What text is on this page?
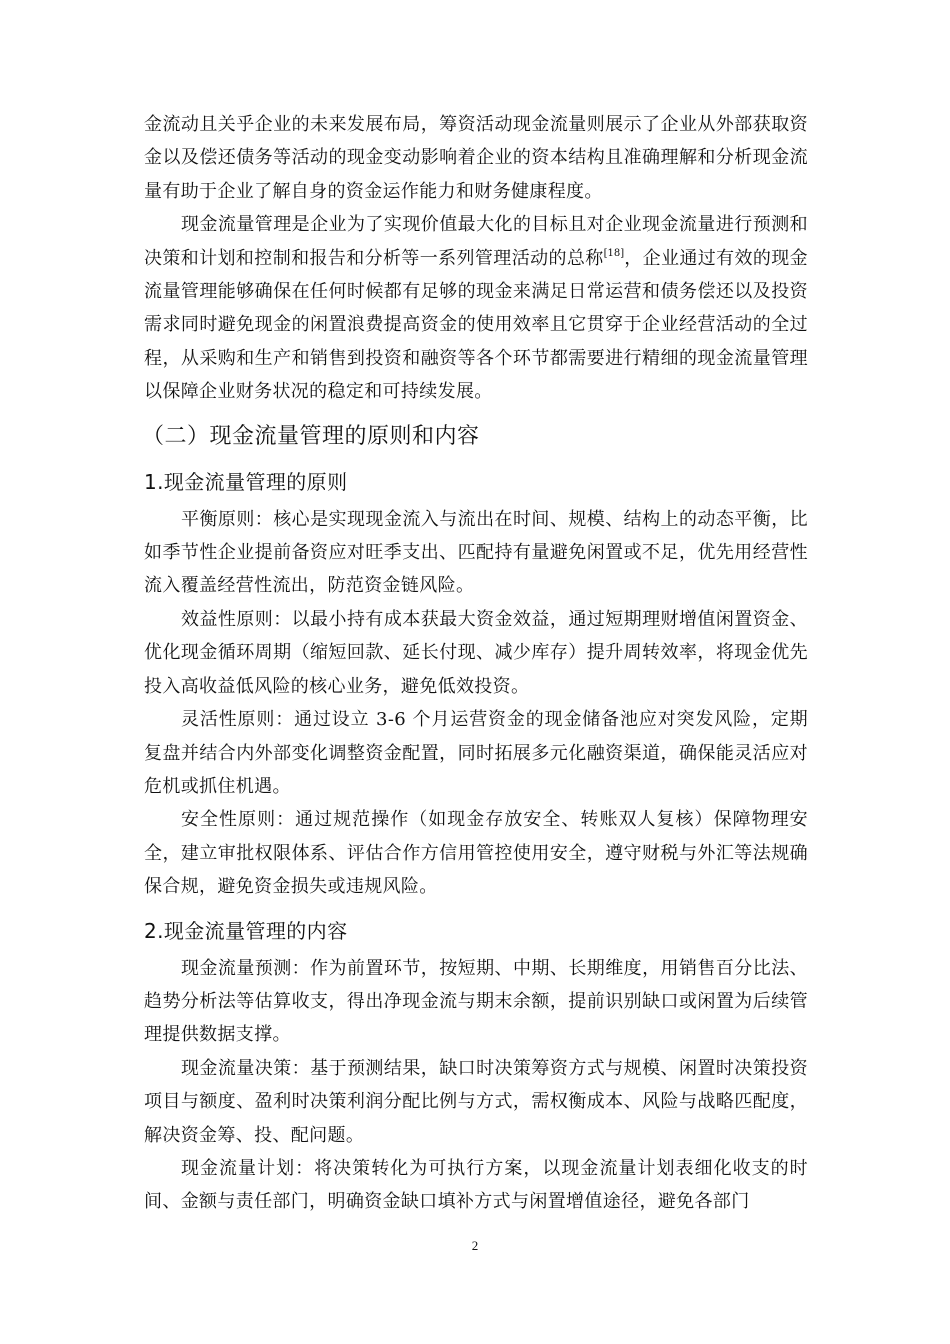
金流动且关乎企业的未来发展布局，筹资活动现金流量则展示了企业从外部获取资金以及偿还债务等活动的现金变动影响着企业的资本结构且准确理解和分析现金流量有助于企业了解自身的资金运作能力和财务健康程度。

现金流量管理是企业为了实现价值最大化的目标且对企业现金流量进行预测和决策和计划和控制和报告和分析等一系列管理活动的总称[18]，企业通过有效的现金流量管理能够确保在任何时候都有足够的现金来满足日常运营和债务偿还以及投资需求同时避免现金的闲置浪费提高资金的使用效率且它贯穿于企业经营活动的全过程，从采购和生产和销售到投资和融资等各个环节都需要进行精细的现金流量管理以保障企业财务状况的稳定和可持续发展。

（二）现金流量管理的原则和内容
1.现金流量管理的原则

平衡原则：核心是实现现金流入与流出在时间、规模、结构上的动态平衡，比如季节性企业提前备资应对旺季支出、匹配持有量避免闲置或不足，优先用经营性流入覆盖经营性流出，防范资金链风险。

效益性原则：以最小持有成本获最大资金效益，通过短期理财增值闲置资金、优化现金循环周期（缩短回款、延长付现、减少库存）提升周转效率，将现金优先投入高收益低风险的核心业务，避免低效投资。

灵活性原则：通过设立 3-6 个月运营资金的现金储备池应对突发风险，定期复盘并结合内外部变化调整资金配置，同时拓展多元化融资渠道，确保能灵活应对危机或抓住机遇。

安全性原则：通过规范操作（如现金存放安全、转账双人复核）保障物理安全，建立审批权限体系、评估合作方信用管控使用安全，遵守财税与外汇等法规确保合规，避免资金损失或违规风险。

2.现金流量管理的内容

现金流量预测：作为前置环节，按短期、中期、长期维度，用销售百分比法、趋势分析法等估算收支，得出净现金流与期末余额，提前识别缺口或闲置为后续管理提供数据支撑。

现金流量决策：基于预测结果，缺口时决策筹资方式与规模、闲置时决策投资项目与额度、盈利时决策利润分配比例与方式，需权衡成本、风险与战略匹配度，解决资金筹、投、配问题。

现金流量计划：将决策转化为可执行方案，以现金流量计划表细化收支的时间、金额与责任部门，明确资金缺口填补方式与闲置增值途径，避免各部门

2
